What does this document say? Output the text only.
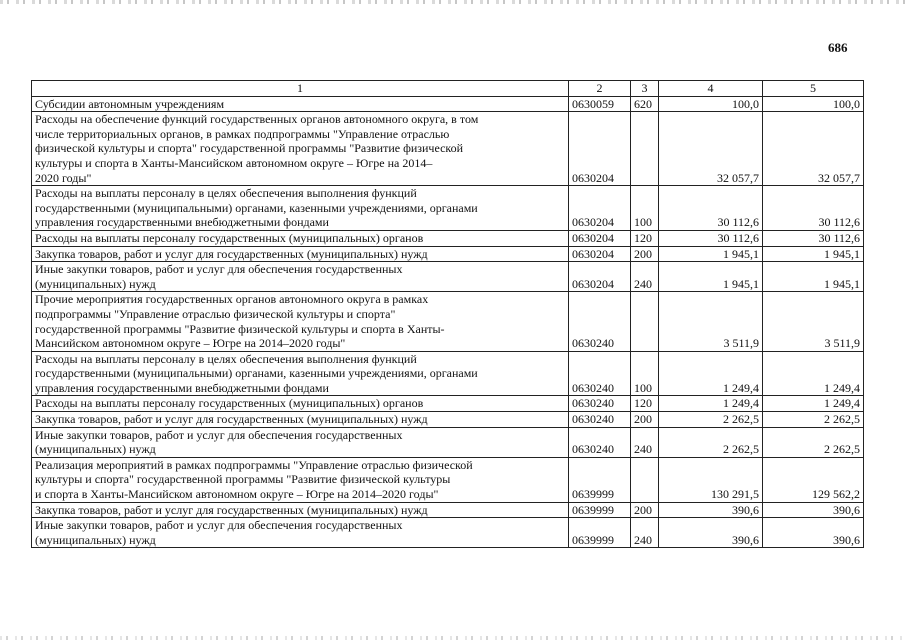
686
1	2	3	4	5
Субсидии автономным учреждениям	0630059	620	100,0	100,0
Расходы на обеспечение функций государственных органов автономного округа, в том
числе территориальных органов, в рамках подпрограммы "Управление отраслью
физической культуры и спорта" государственной программы "Развитие физической
культуры и спорта в Ханты-Мансийском автономном округе – Югре на 2014–
2020 годы"	0630204		32 057,7	32 057,7
Расходы на выплаты персоналу в целях обеспечения выполнения функций
государственными (муниципальными) органами, казенными учреждениями, органами
управления государственными внебюджетными фондами	0630204	100	30 112,6	30 112,6
Расходы на выплаты персоналу государственных (муниципальных) органов	0630204	120	30 112,6	30 112,6
Закупка товаров, работ и услуг для государственных (муниципальных) нужд	0630204	200	1 945,1	1 945,1
Иные закупки товаров, работ и услуг для обеспечения государственных
(муниципальных) нужд	0630204	240	1 945,1	1 945,1
Прочие мероприятия государственных органов автономного округа в рамках
подпрограммы "Управление отраслью физической культуры и спорта"
государственной программы "Развитие физической культуры и спорта в Ханты-
Мансийском автономном округе – Югре на 2014–2020 годы"	0630240		3 511,9	3 511,9
Расходы на выплаты персоналу в целях обеспечения выполнения функций
государственными (муниципальными) органами, казенными учреждениями, органами
управления государственными внебюджетными фондами	0630240	100	1 249,4	1 249,4
Расходы на выплаты персоналу государственных (муниципальных) органов	0630240	120	1 249,4	1 249,4
Закупка товаров, работ и услуг для государственных (муниципальных) нужд	0630240	200	2 262,5	2 262,5
Иные закупки товаров, работ и услуг для обеспечения государственных
(муниципальных) нужд	0630240	240	2 262,5	2 262,5
Реализация мероприятий в рамках подпрограммы "Управление отраслью физической
культуры и спорта" государственной программы "Развитие физической культуры
и спорта в Ханты-Мансийском автономном округе – Югре на 2014–2020 годы"	0639999		130 291,5	129 562,2
Закупка товаров, работ и услуг для государственных (муниципальных) нужд	0639999	200	390,6	390,6
Иные закупки товаров, работ и услуг для обеспечения государственных
(муниципальных) нужд	0639999	240	390,6	390,6
